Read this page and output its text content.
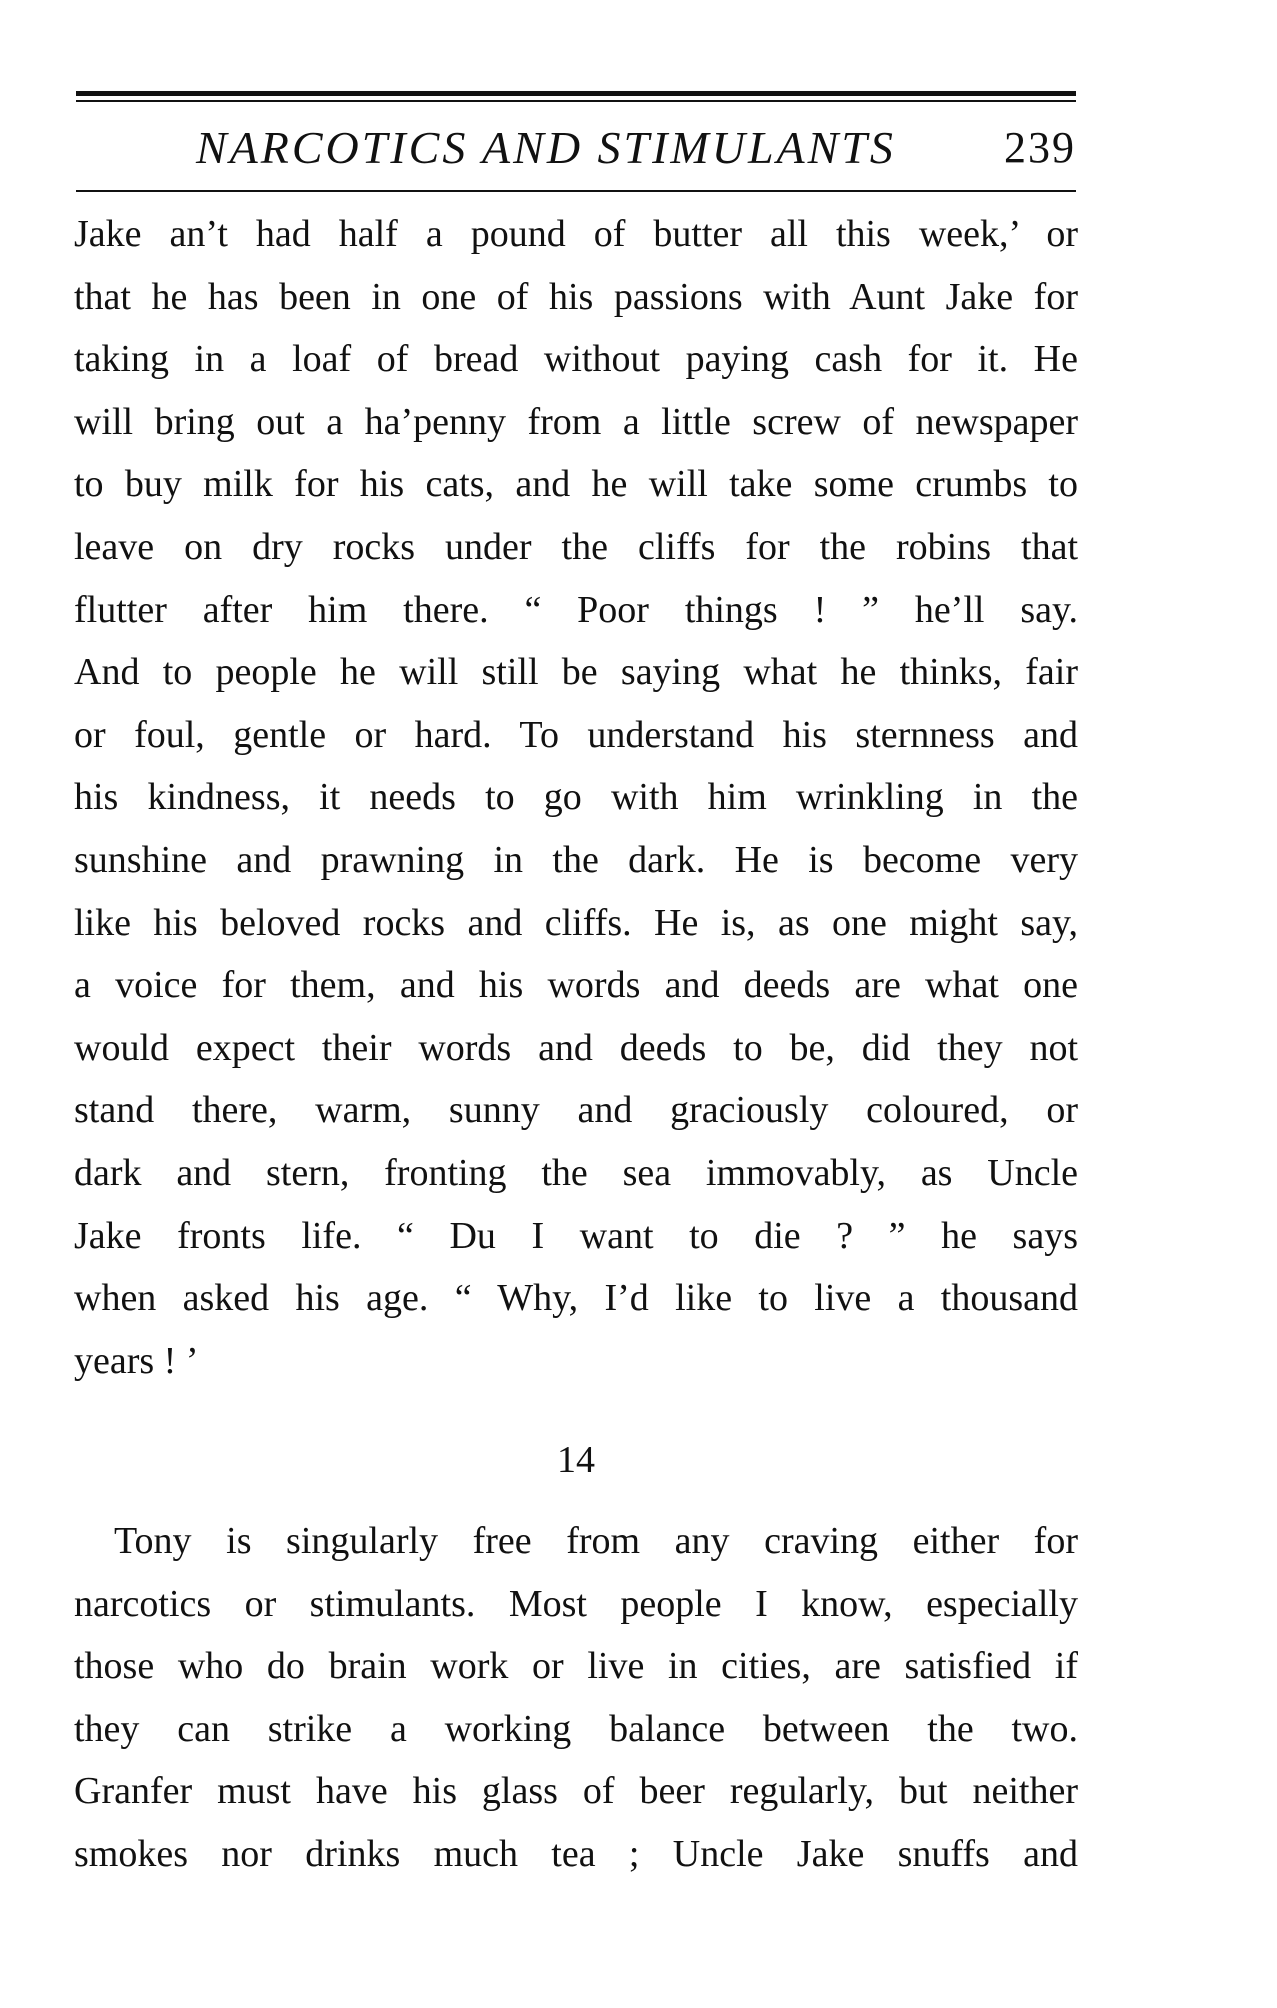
NARCOTICS AND STIMULANTS 239
Jake an’t had half a pound of butter all this week,’ or
that he has been in one of his passions with Aunt Jake for
taking in a loaf of bread without paying cash for it. He
will bring out a ha’penny from a little screw of newspaper
to buy milk for his cats, and he will take some crumbs to
leave on dry rocks under the cliffs for the robins that
flutter after him there. “ Poor things ! ” he’ll say.
And to people he will still be saying what he thinks, fair
or foul, gentle or hard. To understand his sternness and
his kindness, it needs to go with him wrinkling in the
sunshine and prawning in the dark. He is become very
like his beloved rocks and cliffs. He is, as one might say,
a voice for them, and his words and deeds are what one
would expect their words and deeds to be, did they not
stand there, warm, sunny and graciously coloured, or
dark and stern, fronting the sea immovably, as Uncle
Jake fronts life. “ Du I want to die ? ” he says
when asked his age. “ Why, I’d like to live a thousand
years ! ’
14
Tony is singularly free from any craving either for
narcotics or stimulants. Most people I know, especially
those who do brain work or live in cities, are satisfied if
they can strike a working balance between the two.
Granfer must have his glass of beer regularly, but neither
smokes nor drinks much tea ; Uncle Jake snuffs and
